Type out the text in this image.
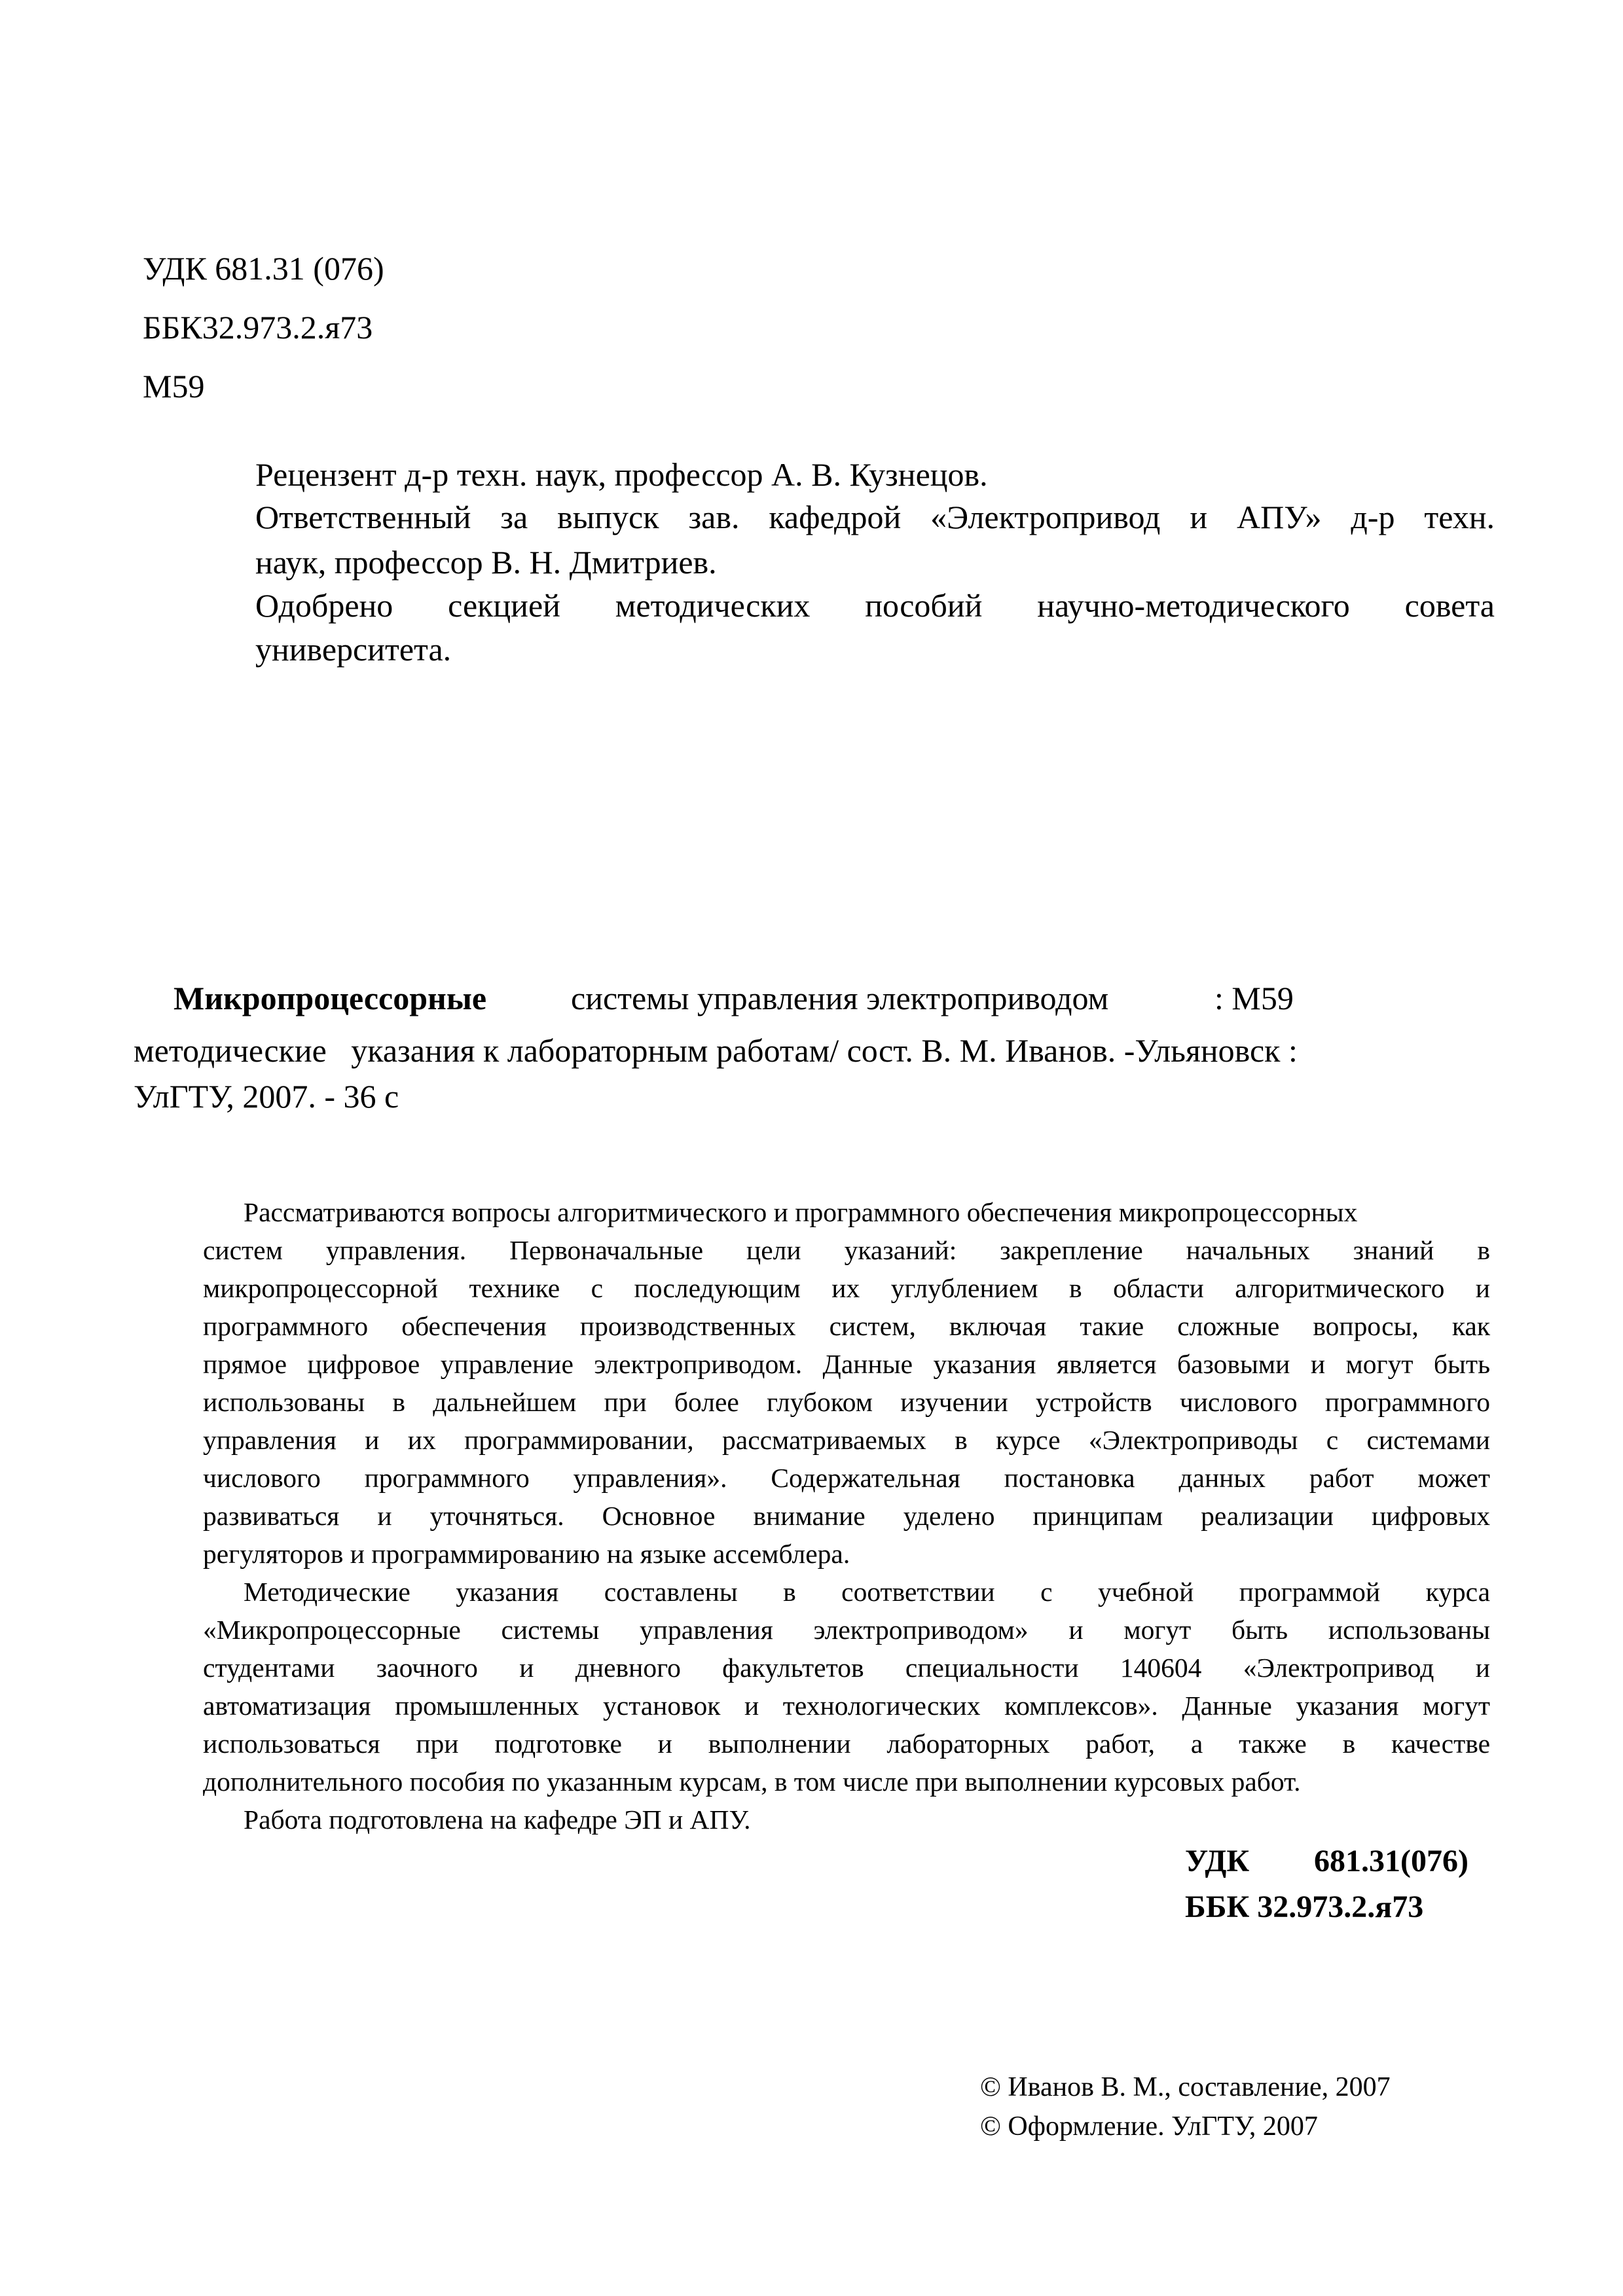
УДК 681.31 (076)
ББК32.973.2.я73
М59
Рецензент д-р техн. наук, профессор А. В. Кузнецов.
Ответственный за выпуск зав. кафедрой «Электропривод и АПУ» д-р техн.
наук, профессор В. Н. Дмитриев.
Одобрено секцией методических пособий научно-методического совета
университета.
Микропроцессорные	системы управления электроприводом	: М59
методические   указания к лабораторным работам/ сост. В. М. Иванов. -Ульяновск :
УлГТУ, 2007. - 36 с
Рассматриваются вопросы алгоритмического и программного обеспечения микропроцессорных
систем управления. Первоначальные цели указаний: закрепление начальных знаний в
микропроцессорной технике с последующим их углублением в области алгоритмического и
программного обеспечения производственных систем, включая такие сложные вопросы, как
прямое цифровое управление электроприводом. Данные указания является базовыми и могут быть
использованы в дальнейшем при более глубоком изучении устройств числового программного
управления и их программировании, рассматриваемых в курсе «Электроприводы с системами
числового программного управления». Содержательная постановка данных работ может
развиваться и уточняться. Основное внимание уделено принципам реализации цифровых
регуляторов и программированию на языке ассемблера.
Методические указания составлены в соответствии с учебной программой курса
«Микропроцессорные системы управления электроприводом» и могут быть использованы
студентами заочного и дневного факультетов специальности 140604 «Электропривод и
автоматизация промышленных установок и технологических комплексов». Данные указания могут
использоваться при подготовке и выполнении лабораторных работ, а также в качестве
дополнительного пособия по указанным курсам, в том числе при выполнении курсовых работ.
Работа подготовлена на кафедре ЭП и АПУ.
УДК 681.31(076)
ББК 32.973.2.я73
© Иванов В. М., составление, 2007
© Оформление. УлГТУ, 2007
